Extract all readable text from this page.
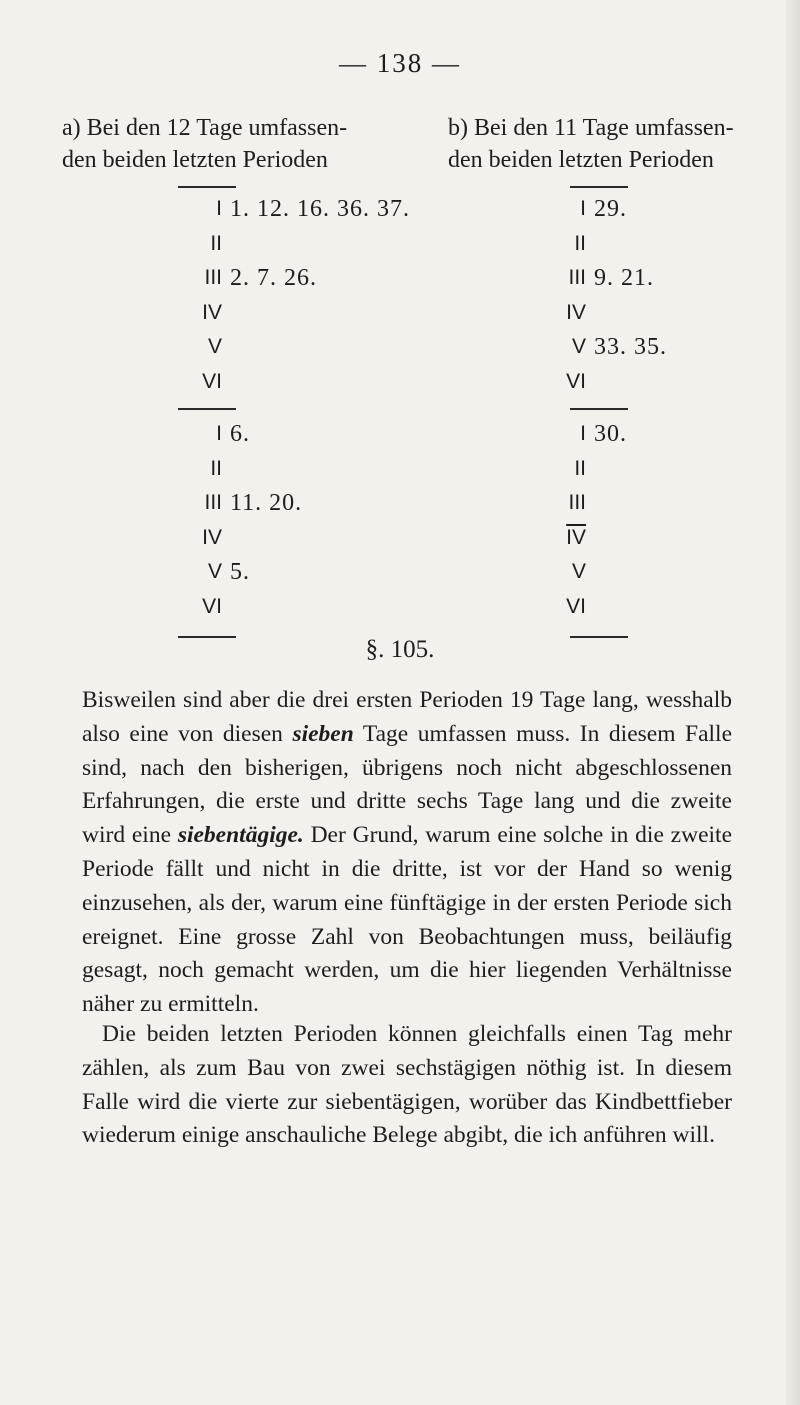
— 138 —
a) Bei den 12 Tage umfassen-
den beiden letzten Perioden
b) Bei den 11 Tage umfassen-
den beiden letzten Perioden
I 1. 12. 16. 36. 37.
II
III 2. 7. 26.
IV
V
VI
I 6.
II
III 11. 20.
IV
V 5.
VI
I 29.
II
III 9. 21.
IV
V 33. 35.
VI
I 30.
II
III
$\overline{IV}$
V
VI
§. 105.
Bisweilen sind aber die drei ersten Perioden 19 Tage lang, wesshalb also eine von diesen sieben Tage umfassen muss. In diesem Falle sind, nach den bisherigen, übrigens noch nicht abgeschlossenen Erfahrungen, die erste und dritte sechs Tage lang und die zweite wird eine siebentägige. Der Grund, warum eine solche in die zweite Periode fällt und nicht in die dritte, ist vor der Hand so wenig einzusehen, als der, warum eine fünftägige in der ersten Periode sich ereignet. Eine grosse Zahl von Beobachtungen muss, beiläufig gesagt, noch gemacht werden, um die hier liegenden Verhältnisse näher zu ermitteln.
Die beiden letzten Perioden können gleichfalls einen Tag mehr zählen, als zum Bau von zwei sechstägigen nöthig ist. In diesem Falle wird die vierte zur siebentägigen, worüber das Kindbettfieber wiederum einige anschauliche Belege abgibt, die ich anführen will.
